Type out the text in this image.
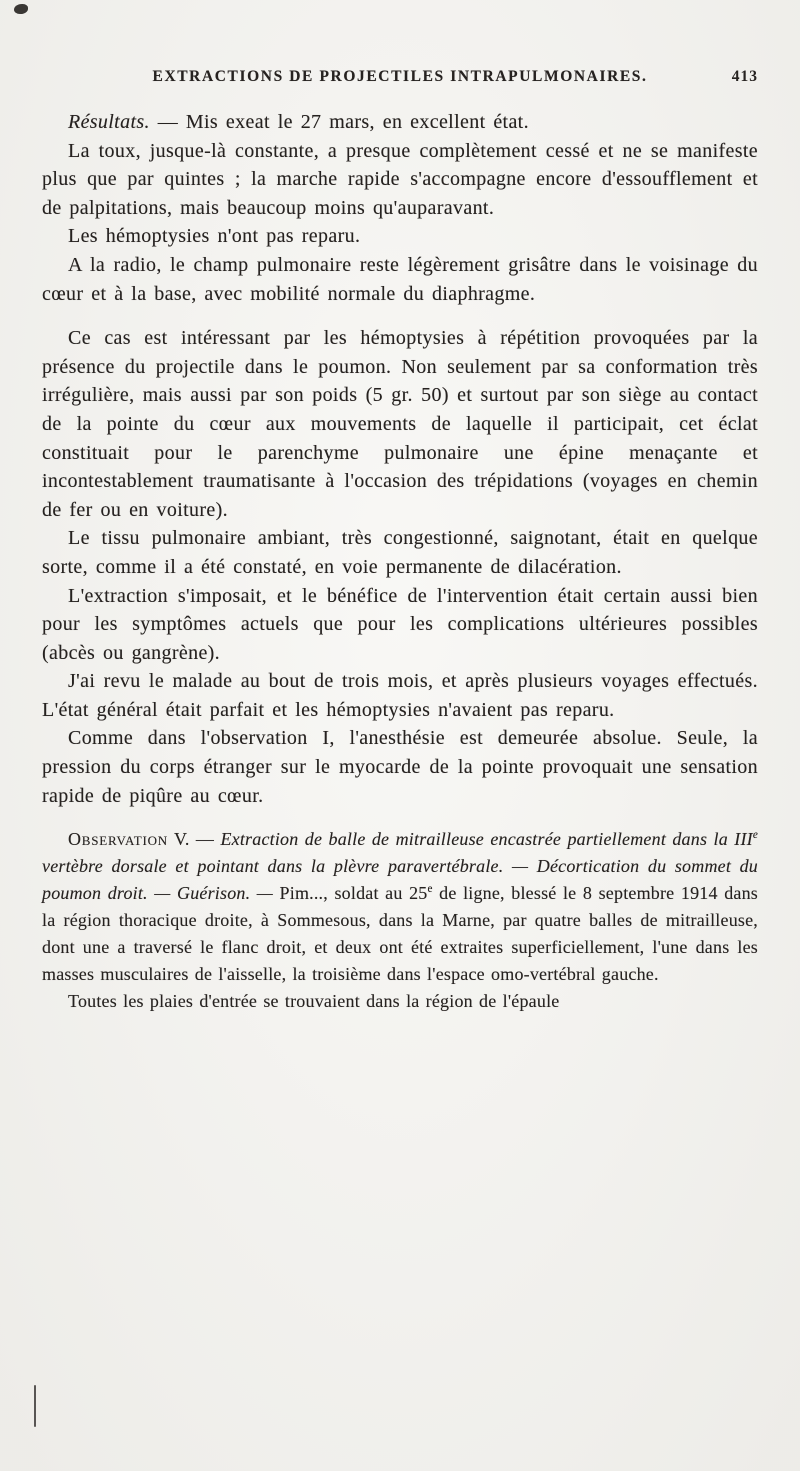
EXTRACTIONS DE PROJECTILES INTRAPULMONAIRES.	413

Résultats. — Mis exeat le 27 mars, en excellent état.

La toux, jusque-là constante, a presque complètement cessé et ne se manifeste plus que par quintes ; la marche rapide s'accompagne encore d'essoufflement et de palpitations, mais beaucoup moins qu'auparavant.

Les hémoptysies n'ont pas reparu.

A la radio, le champ pulmonaire reste légèrement grisâtre dans le voisinage du cœur et à la base, avec mobilité normale du diaphragme.

Ce cas est intéressant par les hémoptysies à répétition provoquées par la présence du projectile dans le poumon. Non seulement par sa conformation très irrégulière, mais aussi par son poids (5 gr. 50) et surtout par son siège au contact de la pointe du cœur aux mouvements de laquelle il participait, cet éclat constituait pour le parenchyme pulmonaire une épine menaçante et incontestablement traumatisante à l'occasion des trépidations (voyages en chemin de fer ou en voiture).

Le tissu pulmonaire ambiant, très congestionné, saignotant, était en quelque sorte, comme il a été constaté, en voie permanente de dilacération.

L'extraction s'imposait, et le bénéfice de l'intervention était certain aussi bien pour les symptômes actuels que pour les complications ultérieures possibles (abcès ou gangrène).

J'ai revu le malade au bout de trois mois, et après plusieurs voyages effectués. L'état général était parfait et les hémoptysies n'avaient pas reparu.

Comme dans l'observation I, l'anesthésie est demeurée absolue. Seule, la pression du corps étranger sur le myocarde de la pointe provoquait une sensation rapide de piqûre au cœur.

Observation V. — Extraction de balle de mitrailleuse encastrée partiellement dans la IIIe vertèbre dorsale et pointant dans la plèvre paravertébrale. — Décortication du sommet du poumon droit. — Guérison. — Pim..., soldat au 25e de ligne, blessé le 8 septembre 1914 dans la région thoracique droite, à Sommesous, dans la Marne, par quatre balles de mitrailleuse, dont une a traversé le flanc droit, et deux ont été extraites superficiellement, l'une dans les masses musculaires de l'aisselle, la troisième dans l'espace omo-vertébral gauche.

Toutes les plaies d'entrée se trouvaient dans la région de l'épaule
